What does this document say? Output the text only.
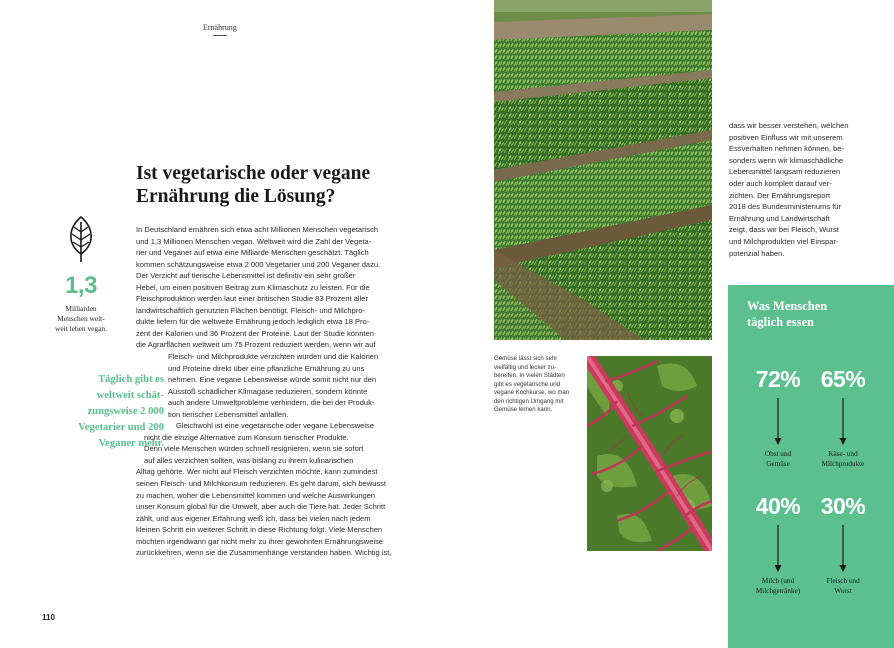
Ernährung
Ist vegetarische oder vegane
Ernährung die Lösung?
1,3
Milliarden
Menschen welt-
weit leben vegan.
Täglich gibt es
weltweit schät-
zungsweise 2 000
Vegetarier und 200
Veganer mehr.
In Deutschland ernähren sich etwa acht Millionen Menschen vegetarisch
und 1,3 Millionen Menschen vegan. Weltweit wird die Zahl der Vegeta-
rier und Veganer auf etwa eine Milliarde Menschen geschätzt. Täglich
kommen schätzungsweise etwa 2 000 Vegetarier und 200 Veganer dazu.
Der Verzicht auf tierische Lebensmittel ist definitiv ein sehr großer
Hebel, um einen positiven Beitrag zum Klimaschutz zu leisten. Für die
Fleischproduktion werden laut einer britischen Studie 83 Prozent aller
landwirtschaftlich genutzten Flächen benötigt. Fleisch- und Milchpro-
dukte liefern für die weltweite Ernährung jedoch lediglich etwa 18 Pro-
zent der Kalorien und 36 Prozent der Proteine. Laut der Studie könnten
die Agrarflächen weltweit um 75 Prozent reduziert werden, wenn wir auf
Fleisch- und Milchprodukte verzichten würden und die Kalorien
und Proteine direkt über eine pflanzliche Ernährung zu uns
nehmen. Eine vegane Lebensweise würde somit nicht nur den
Ausstoß schädlicher Klimagase reduzieren, sondern könnte
auch andere Umweltprobleme verhindern, die bei der Produk-
tion tierischer Lebensmittel anfallen.
Gleichwohl ist eine vegetarische oder vegane Lebensweise
nicht die einzige Alternative zum Konsum tierischer Produkte.
Denn viele Menschen würden schnell resignieren, wenn sie sofort
auf alles verzichten sollten, was bislang zu ihrem kulinarischen
Alltag gehörte. Wer nicht auf Fleisch verzichten möchte, kann zumindest
seinen Fleisch- und Milchkonsum reduzieren. Es geht darum, sich bewusst
zu machen, woher die Lebensmittel kommen und welche Auswirkungen
unser Konsum global für die Umwelt, aber auch die Tiere hat. Jeder Schritt
zählt, und aus eigener Erfahrung weiß ich, dass bei vielen nach jedem
kleinen Schritt ein weiterer Schritt in diese Richtung folgt. Viele Menschen
möchten irgendwann gar nicht mehr zu ihrer gewohnten Ernährungsweise
zurückkehren, wenn sie die Zusammenhänge verstanden haben. Wichtig ist,
110
Gemüse lässt sich sehr
vielfältig und lecker zu-
bereiten. In vielen Städten
gibt es vegetarische und
vegane Kochkurse, wo man
den richtigen Umgang mit
Gemüse lernen kann.
dass wir besser verstehen, welchen
positiven Einfluss wir mit unserem
Essverhalten nehmen können, be-
sonders wenn wir klimaschädliche
Lebensmittel langsam reduzieren
oder auch komplett darauf ver-
zichten. Der Ernährungsreport
2018 des Bundesministeriums für
Ernährung und Landwirtschaft
zeigt, dass wir bei Fleisch, Wurst
und Milchprodukten viel Einspar-
potenzial haben.
Was Menschen
täglich essen
72%
Obst und
Gemüse
65%
Käse- und
Milchprodukte
40%
Milch (und
Milchgetränke)
30%
Fleisch und
Wurst
